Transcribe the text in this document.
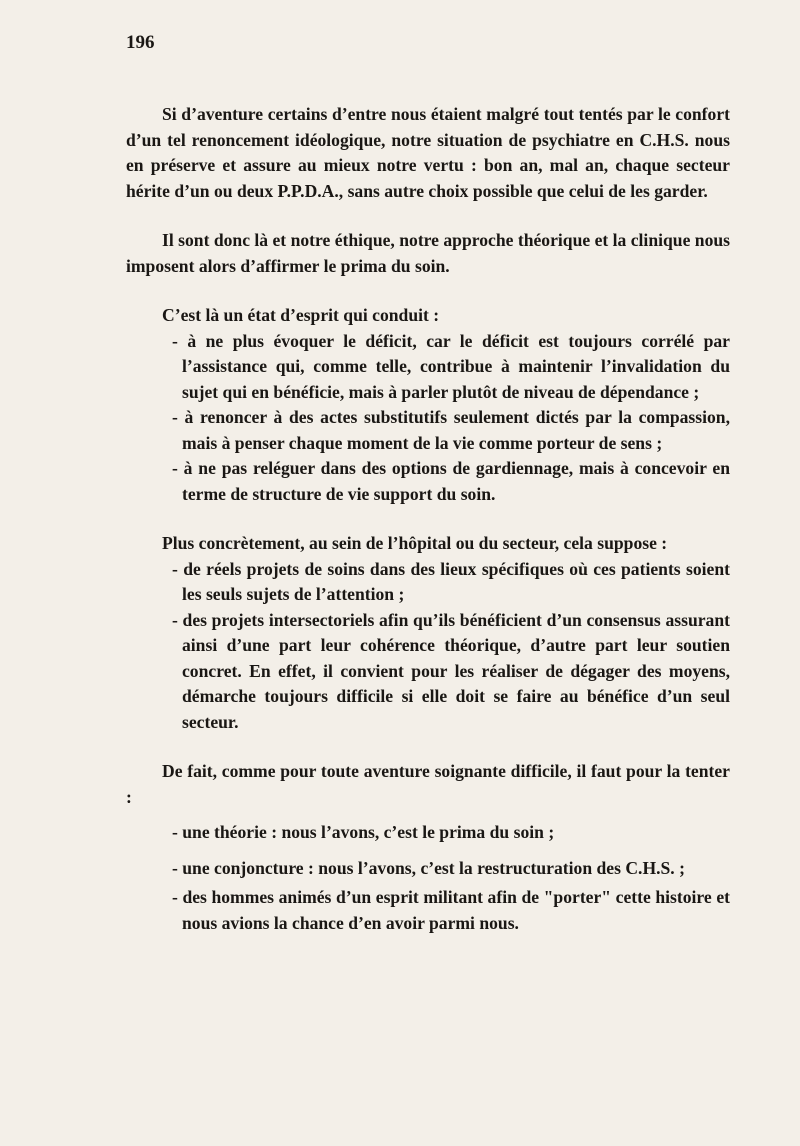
196

Si d’aventure certains d’entre nous étaient malgré tout tentés par le confort d’un tel renoncement idéologique, notre situation de psychiatre en C.H.S. nous en préserve et assure au mieux notre vertu : bon an, mal an, chaque secteur hérite d’un ou deux P.P.D.A., sans autre choix possible que celui de les garder.

Il sont donc là et notre éthique, notre approche théorique et la clinique nous imposent alors d’affirmer le prima du soin.

C’est là un état d’esprit qui conduit :

- à ne plus évoquer le déficit, car le déficit est toujours corrélé par l’assistance qui, comme telle, contribue à maintenir l’invalidation du sujet qui en bénéficie, mais à parler plutôt de niveau de dépendance ;
- à renoncer à des actes substitutifs seulement dictés par la compassion, mais à penser chaque moment de la vie comme porteur de sens ;
- à ne pas reléguer dans des options de gardiennage, mais à concevoir en terme de structure de vie support du soin.

Plus concrètement, au sein de l’hôpital ou du secteur, cela suppose :

- de réels projets de soins dans des lieux spécifiques où ces patients soient les seuls sujets de l’attention ;
- des projets intersectoriels afin qu’ils bénéficient d’un consensus assurant ainsi d’une part leur cohérence théorique, d’autre part leur soutien concret. En effet, il convient pour les réaliser de dégager des moyens, démarche toujours difficile si elle doit se faire au bénéfice d’un seul secteur.

De fait, comme pour toute aventure soignante difficile, il faut pour la tenter :

- une théorie : nous l’avons, c’est le prima du soin ;
- une conjoncture : nous l’avons, c’est la restructuration des C.H.S. ;
- des hommes animés d’un esprit militant afin de "porter" cette histoire et nous avions la chance d’en avoir parmi nous.
